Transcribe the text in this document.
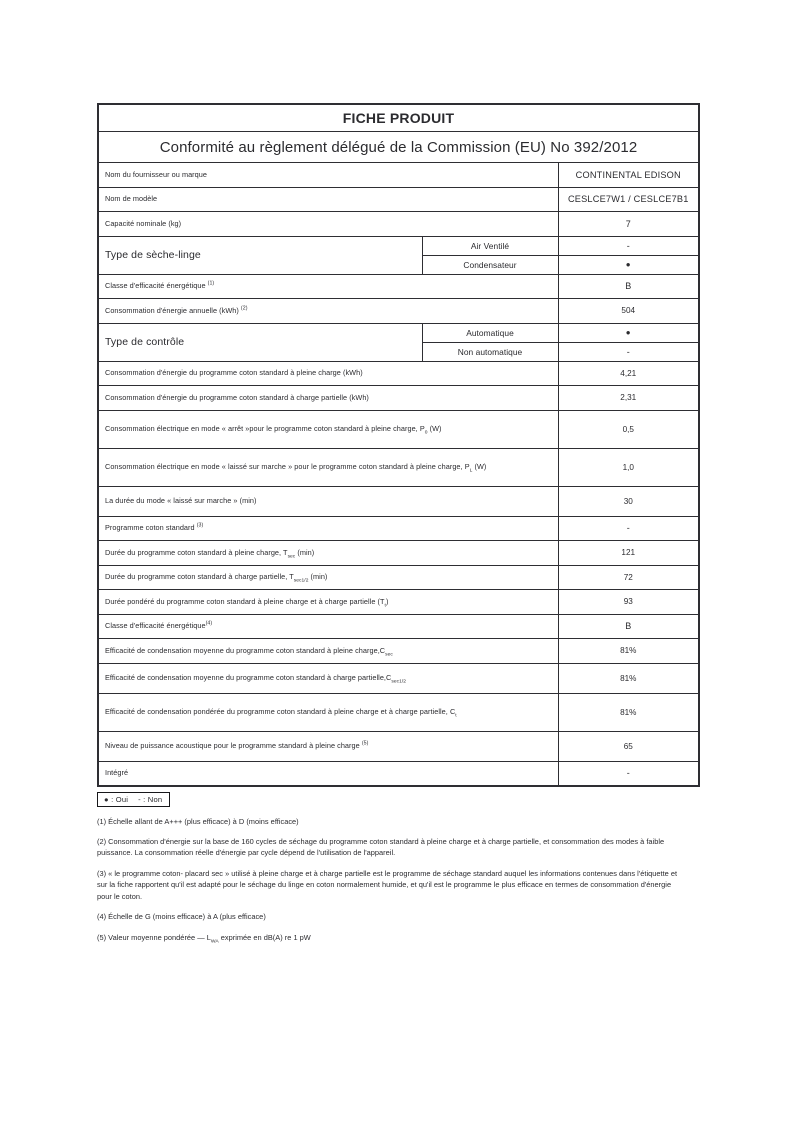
FICHE PRODUIT		
Conformité au règlement délégué de la Commission (EU) No 392/2012		
Nom du fournisseur ou marque		CONTINENTAL EDISON
Nom de modèle		CESLCE7W1 / CESLCE7B1
Capacité nominale (kg)		7
Type de sèche-linge	Air Ventilé	-
	Condensateur	●
Classe d'efficacité énergétique $^{(1)}$		B
Consommation d'énergie annuelle (kWh) $^{(2)}$		504
Type de contrôle	Automatique	●
	Non automatique	-
Consommation d'énergie du programme coton standard à pleine charge (kWh)		4,21
Consommation d'énergie du programme coton standard à charge partielle (kWh)		2,31
Consommation électrique en mode « arrêt »pour le programme coton standard à pleine charge, $P_0$ (W)		0,5
Consommation électrique en mode « laissé sur marche » pour le programme coton standard à pleine charge, $P_L$ (W)		1,0
La durée du mode « laissé sur marche » (min)		30
Programme coton standard $^{(3)}$		-
Durée du programme coton standard à pleine charge, $T_{sec}$ (min)		121
Durée du programme coton standard à charge partielle, $T_{sec1/2}$ (min)		72
Durée pondéré du programme coton standard à pleine charge et à charge partielle $(T_t)$		93
Classe d'efficacité énergétique$^{(4)}$		B
Efficacité de condensation moyenne du programme coton standard à pleine $charge,C_{sec}$		81%
Efficacité de condensation moyenne du programme coton standard à charge $partielle,C_{sec1/2}$		81%
Efficacité de condensation pondérée du programme coton standard à pleine charge et à charge partielle, $C_t$		81%
Niveau de puissance acoustique pour le programme standard à pleine charge $^{(5)}$		65
Intégré		-
● : Oui - : Non
(1) Échelle allant de A+++ (plus efficace) à D (moins efficace)
(2) Consommation d'énergie sur la base de 160 cycles de séchage du programme coton standard à pleine charge et à charge partielle, et consommation des modes à faible puissance. La consommation réelle d'énergie par cycle dépend de l'utilisation de l'appareil.
(3) « le programme coton- placard sec » utilisé à pleine charge et à charge partielle est le programme de séchage standard auquel les informations contenues dans l'étiquette et sur la fiche rapportent qu'il est adapté pour le séchage du linge en coton normalement humide, et qu'il est le programme le plus efficace en termes de consommation d'énergie pour le coton.
(4) Échelle de G (moins efficace) à A (plus efficace)
(5) Valeur moyenne pondérée — $L_{WA}$ exprimée en dB(A) re 1 pW
